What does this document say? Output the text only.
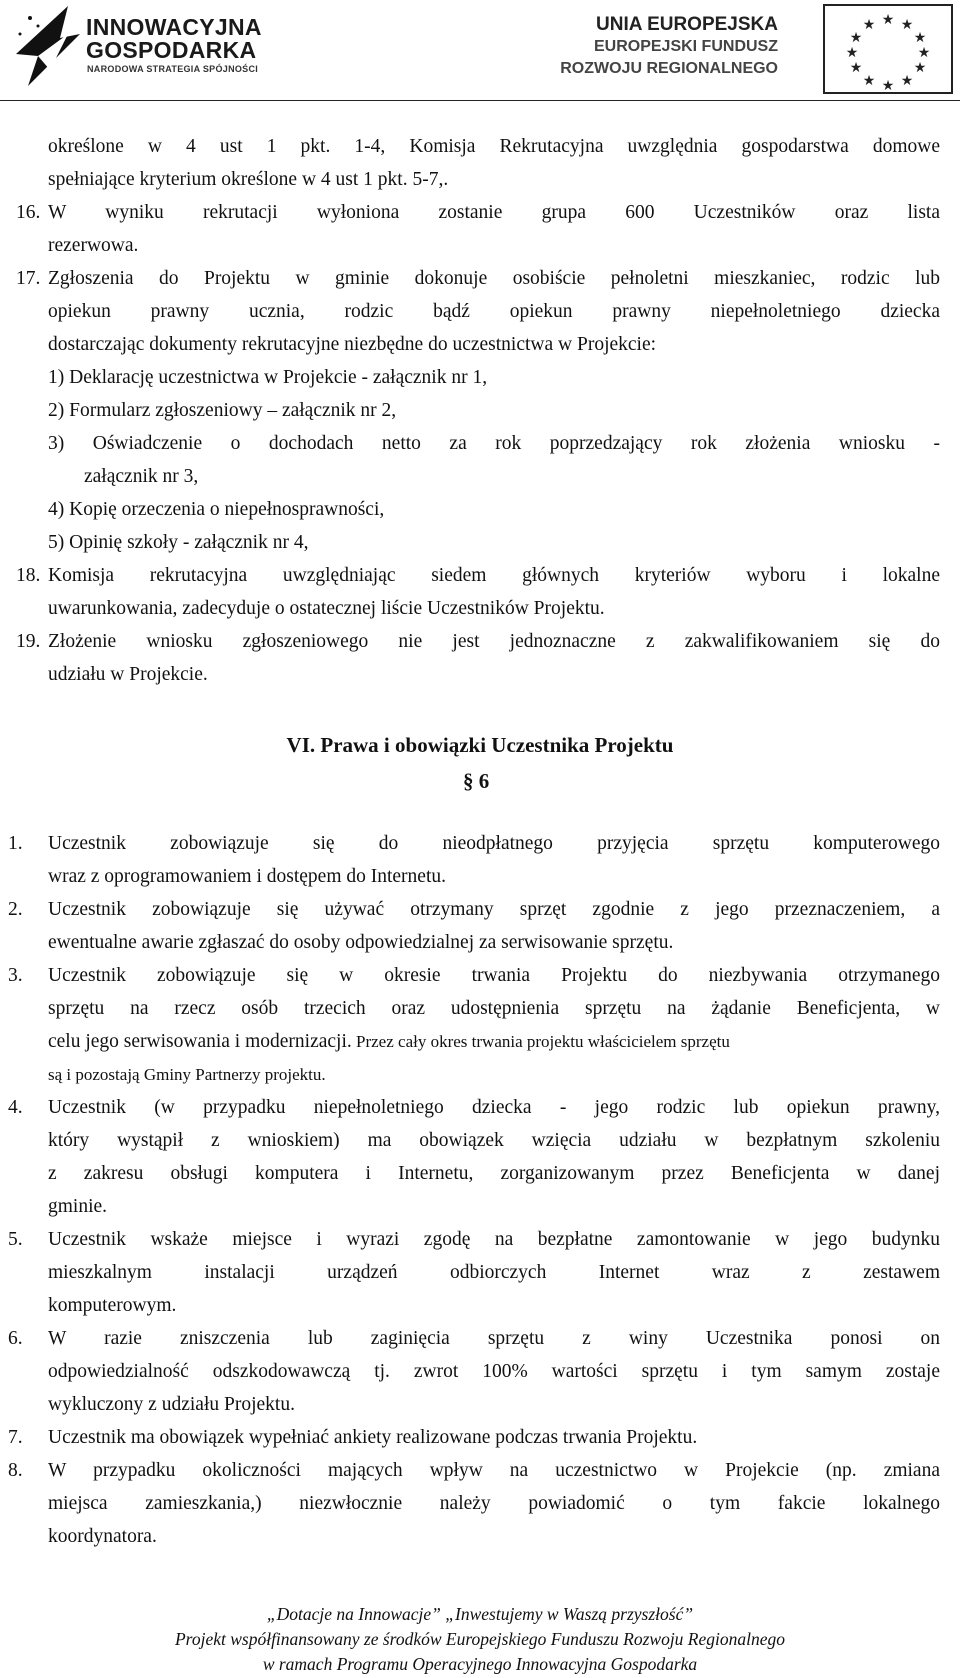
INNOWACYJNA
GOSPODARKA
NARODOWA STRATEGIA SPÓJNOŚCI
UNIA EUROPEJSKA
EUROPEJSKI FUNDUSZ
ROZWOJU REGIONALNEGO
★ ★
★
★
★
★
★
★
★
★
★
★
określone w 4 ust 1 pkt. 1-4, Komisja Rekrutacyjna uwzględnia gospodarstwa domowe
spełniające kryterium określone w 4 ust 1 pkt. 5-7,.
16. W wyniku rekrutacji wyłoniona zostanie grupa 600 Uczestników oraz lista
rezerwowa.
17. Zgłoszenia do Projektu w gminie dokonuje osobiście pełnoletni mieszkaniec, rodzic lub
opiekun prawny ucznia, rodzic bądź opiekun prawny niepełnoletniego dziecka
dostarczając dokumenty rekrutacyjne niezbędne do uczestnictwa w Projekcie:
1) Deklarację uczestnictwa w Projekcie - załącznik nr 1,
2) Formularz zgłoszeniowy – załącznik nr 2,
3) Oświadczenie o dochodach netto za rok poprzedzający rok złożenia wniosku -
załącznik nr 3,
4) Kopię orzeczenia o niepełnosprawności,
5) Opinię szkoły - załącznik nr 4,
18. Komisja rekrutacyjna uwzględniając siedem głównych kryteriów wyboru i lokalne
uwarunkowania, zadecyduje o ostatecznej liście Uczestników Projektu.
19. Złożenie wniosku zgłoszeniowego nie jest jednoznaczne z zakwalifikowaniem się do
udziału w Projekcie.
VI. Prawa i obowiązki Uczestnika Projektu
§ 6
1.	Uczestnik zobowiązuje się do nieodpłatnego przyjęcia sprzętu komputerowego
wraz z oprogramowaniem i dostępem do Internetu.
2.	Uczestnik zobowiązuje się używać otrzymany sprzęt zgodnie z jego przeznaczeniem, a
ewentualne awarie zgłaszać do osoby odpowiedzialnej za serwisowanie sprzętu.
3.	Uczestnik zobowiązuje się w okresie trwania Projektu do niezbywania otrzymanego
sprzętu na rzecz osób trzecich oraz udostępnienia sprzętu na żądanie Beneficjenta, w
celu jego serwisowania i modernizacji. Przez cały okres trwania projektu właścicielem sprzętu
są i pozostają Gminy Partnerzy projektu.
4.	Uczestnik (w przypadku niepełnoletniego dziecka - jego rodzic lub opiekun prawny,
który wystąpił z wnioskiem) ma obowiązek wzięcia udziału w bezpłatnym szkoleniu
z zakresu obsługi komputera i Internetu, zorganizowanym przez Beneficjenta w danej
gminie.
5.	Uczestnik wskaże miejsce i wyrazi zgodę na bezpłatne zamontowanie w jego budynku
mieszkalnym instalacji urządzeń odbiorczych Internet wraz z zestawem
komputerowym.
6.	W razie zniszczenia lub zaginięcia sprzętu z winy Uczestnika ponosi on
odpowiedzialność odszkodowawczą tj. zwrot 100% wartości sprzętu i tym samym zostaje
wykluczony z udziału Projektu.
7.	Uczestnik ma obowiązek wypełniać ankiety realizowane podczas trwania Projektu.
8.	W przypadku okoliczności mających wpływ na uczestnictwo w Projekcie (np. zmiana
miejsca zamieszkania,) niezwłocznie należy powiadomić o tym fakcie lokalnego
koordynatora.
„Dotacje na Innowacje” „Inwestujemy w Waszą przyszłość”
Projekt współfinansowany ze środków Europejskiego Funduszu Rozwoju Regionalnego
w ramach Programu Operacyjnego Innowacyjna Gospodarka
